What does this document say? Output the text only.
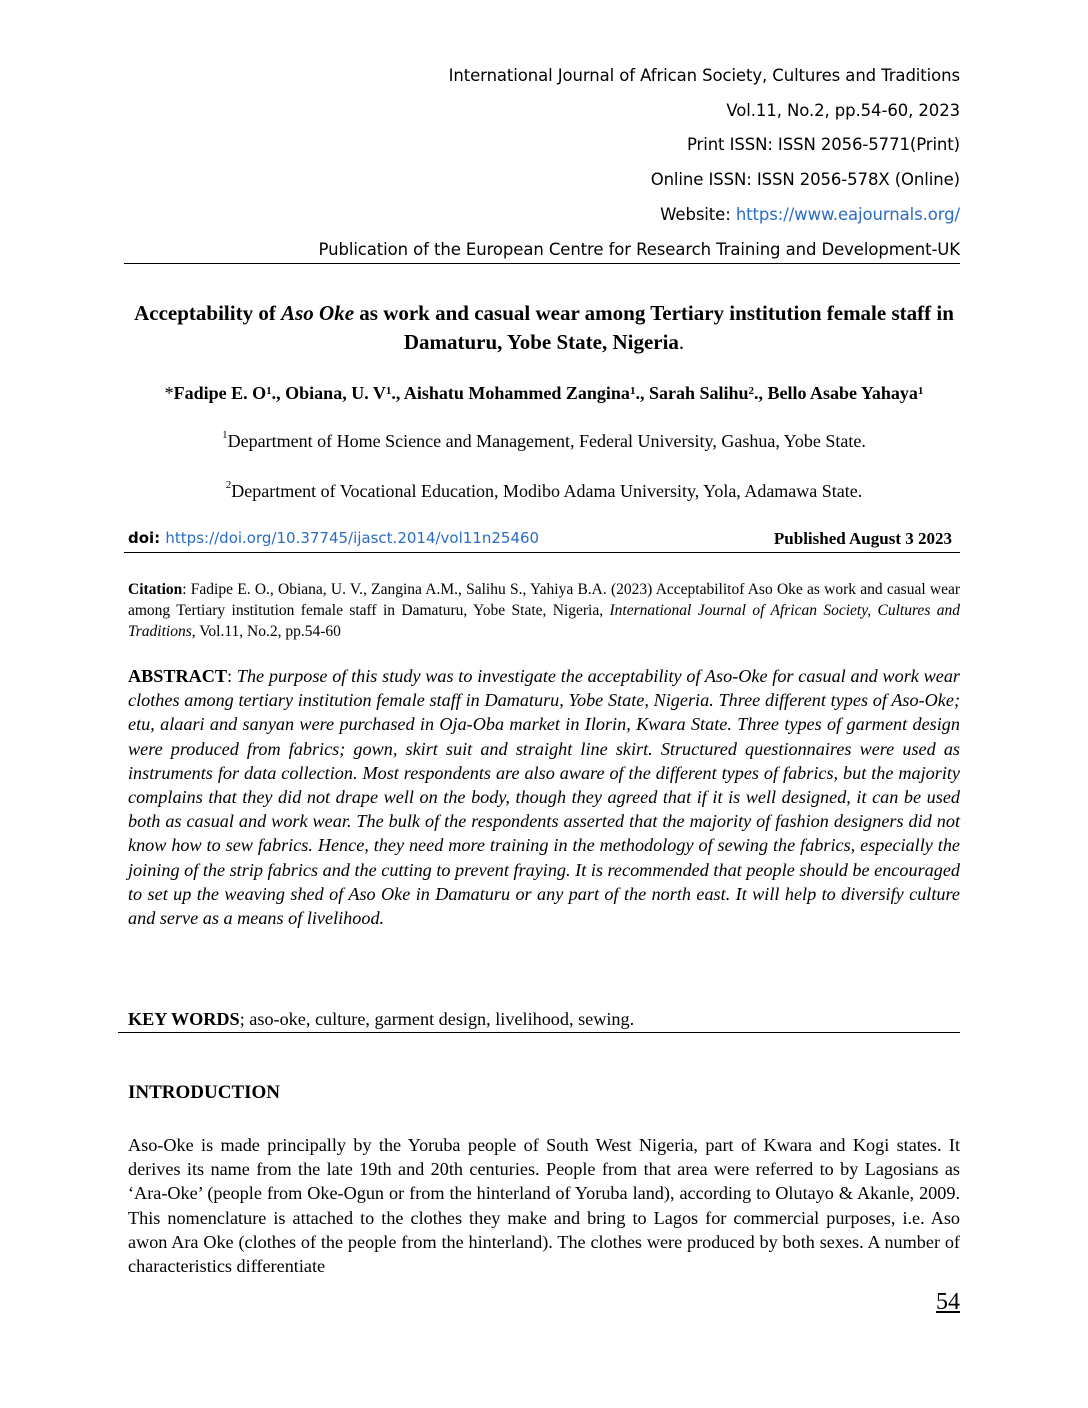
International Journal of African Society, Cultures and Traditions
Vol.11, No.2, pp.54-60, 2023
Print ISSN: ISSN 2056-5771(Print)
Online ISSN: ISSN 2056-578X (Online)
Website: https://www.eajournals.org/
Publication of the European Centre for Research Training and Development-UK
Acceptability of Aso Oke as work and casual wear among Tertiary institution female staff in Damaturu, Yobe State, Nigeria.
*Fadipe E. $O^1$., Obiana, U. $V^1$., Aishatu Mohammed Zangina$^1$., Sarah Salihu$^2$., Bello Asabe Yahaya$^1$
$^1$Department of Home Science and Management, Federal University, Gashua, Yobe State.
$^2$Department of Vocational Education, Modibo Adama University, Yola, Adamawa State.
doi: https://doi.org/10.37745/ijasct.2014/vol11n25460	Published August 3 2023
Citation: Fadipe E. O., Obiana, U. V., Zangina A.M., Salihu S., Yahiya B.A. (2023) Acceptabilitof Aso Oke as work and casual wear among Tertiary institution female staff in Damaturu, Yobe State, Nigeria, International Journal of African Society, Cultures and Traditions, Vol.11, No.2, pp.54-60
ABSTRACT: The purpose of this study was to investigate the acceptability of Aso-Oke for casual and work wear clothes among tertiary institution female staff in Damaturu, Yobe State, Nigeria. Three different types of Aso-Oke; etu, alaari and sanyan were purchased in Oja-Oba market in Ilorin, Kwara State. Three types of garment design were produced from fabrics; gown, skirt suit and straight line skirt. Structured questionnaires were used as instruments for data collection. Most respondents are also aware of the different types of fabrics, but the majority complains that they did not drape well on the body, though they agreed that if it is well designed, it can be used both as casual and work wear. The bulk of the respondents asserted that the majority of fashion designers did not know how to sew fabrics. Hence, they need more training in the methodology of sewing the fabrics, especially the joining of the strip fabrics and the cutting to prevent fraying. It is recommended that people should be encouraged to set up the weaving shed of Aso Oke in Damaturu or any part of the north east. It will help to diversify culture and serve as a means of livelihood.
KEY WORDS; aso-oke, culture, garment design, livelihood, sewing.
INTRODUCTION
Aso-Oke is made principally by the Yoruba people of South West Nigeria, part of Kwara and Kogi states. It derives its name from the late 19th and 20th centuries. People from that area were referred to by Lagosians as ‘Ara-Oke’ (people from Oke-Ogun or from the hinterland of Yoruba land), according to Olutayo & Akanle, 2009. This nomenclature is attached to the clothes they make and bring to Lagos for commercial purposes, i.e. Aso awon Ara Oke (clothes of the people from the hinterland). The clothes were produced by both sexes. A number of characteristics differentiate
54
